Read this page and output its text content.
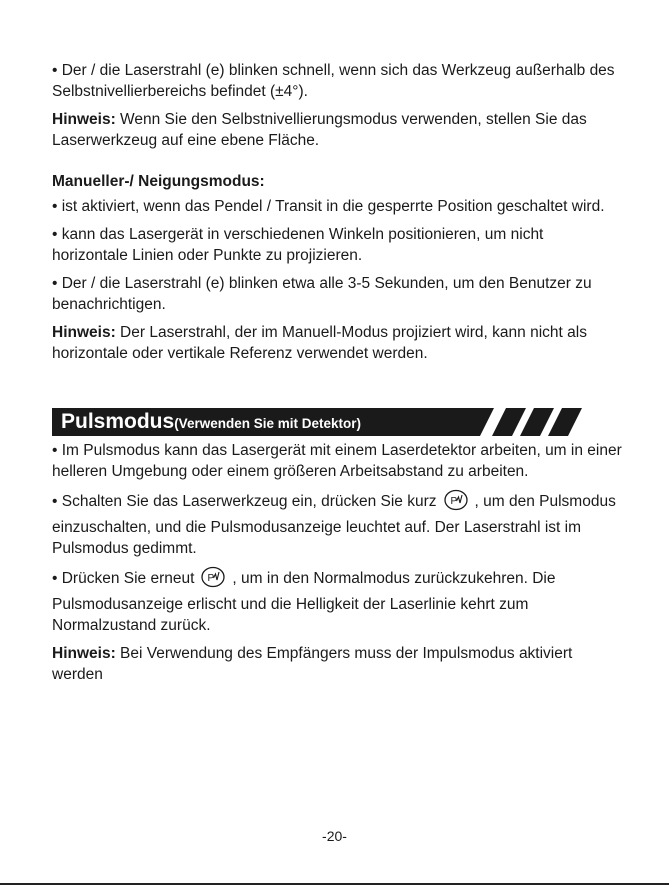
• Der / die Laserstrahl (e) blinken schnell, wenn sich das Werkzeug außerhalb des Selbstnivellierbereichs befindet (±4°).

Hinweis: Wenn Sie den Selbstnivellierungsmodus verwenden, stellen Sie das Laserwerkzeug auf eine ebene Fläche.

Manueller-/ Neigungsmodus:

• ist aktiviert, wenn das Pendel / Transit in die gesperrte Position geschaltet wird.

• kann das Lasergerät in verschiedenen Winkeln positionieren, um nicht horizontale Linien oder Punkte zu projizieren.

• Der / die Laserstrahl (e) blinken etwa alle 3-5 Sekunden, um den Benutzer zu benachrichtigen.

Hinweis: Der Laserstrahl, der im Manuell-Modus projiziert wird, kann nicht als horizontale oder vertikale Referenz verwendet werden.

Pulsmodus(Verwenden Sie mit Detektor)

• Im Pulsmodus kann das Lasergerät mit einem Laserdetektor arbeiten, um in einer helleren Umgebung oder einem größeren Arbeitsabstand zu arbeiten.

• Schalten Sie das Laserwerkzeug ein, drücken Sie kurz P , um den Pulsmodus einzuschalten, und die Pulsmodusanzeige leuchtet auf. Der Laserstrahl ist im Pulsmodus gedimmt.

• Drücken Sie erneut P , um in den Normalmodus zurückzukehren. Die Pulsmodusanzeige erlischt und die Helligkeit der Laserlinie kehrt zum Normalzustand zurück.

Hinweis: Bei Verwendung des Empfängers muss der Impulsmodus aktiviert werden

-20-
